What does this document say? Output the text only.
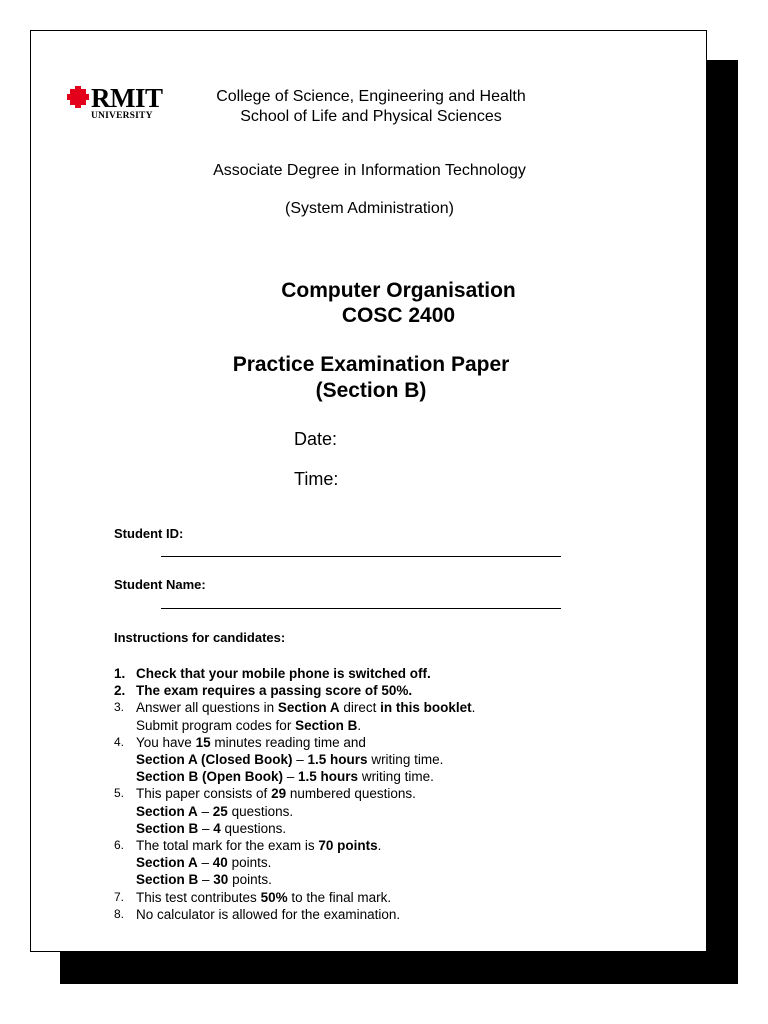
RMIT
UNIVERSITY
College of Science, Engineering and Health
School of Life and Physical Sciences
Associate Degree in Information Technology
(System Administration)
Computer Organisation
COSC 2400
Practice Examination Paper
(Section B)
Date:
Time:
Student ID:
Student Name:
Instructions for candidates:
1. Check that your mobile phone is switched off.
2. The exam requires a passing score of 50%.
3. Answer all questions in Section A direct in this booklet.
Submit program codes for Section B.
4. You have 15 minutes reading time and
Section A (Closed Book) – 1.5 hours writing time.
Section B (Open Book) – 1.5 hours writing time.
5. This paper consists of 29 numbered questions.
Section A – 25 questions.
Section B – 4 questions.
6. The total mark for the exam is 70 points.
Section A – 40 points.
Section B – 30 points.
7. This test contributes 50% to the final mark.
8. No calculator is allowed for the examination.
